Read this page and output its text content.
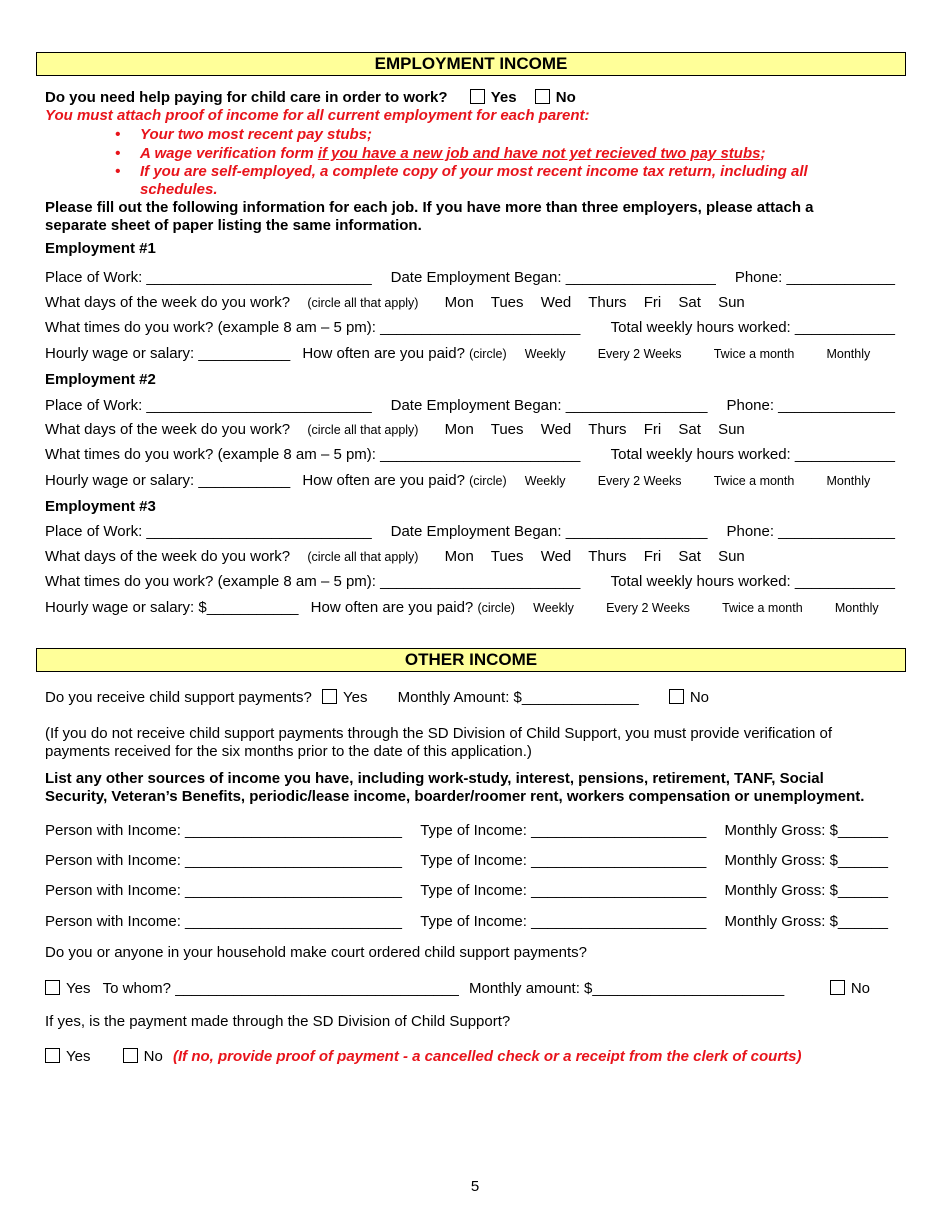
EMPLOYMENT INCOME
Do you need help paying for child care in order to work?	Yes	No
You must attach proof of income for all current employment for each parent:
• Your two most recent pay stubs;
• A wage verification form if you have a new job and have not yet recieved two pay stubs;
• If you are self-employed, a complete copy of your most recent income tax return, including all
schedules.
Please fill out the following information for each job. If you have more than three employers, please attach a
separate sheet of paper listing the same information.
Employment #1
Place of Work: ___________________________ Date Employment Began: __________________ Phone: _____________
What days of the week do you work? (circle all that apply) Mon Tues Wed Thurs Fri Sat Sun
What times do you work? (example 8 am – 5 pm): ________________________ Total weekly hours worked: ____________
Hourly wage or salary: ___________ How often are you paid? (circle) Weekly	Every 2 Weeks	Twice a month	Monthly
Employment #2
Place of Work: ___________________________ Date Employment Began: _________________ Phone: ______________
What days of the week do you work? (circle all that apply) Mon Tues Wed Thurs Fri Sat Sun
What times do you work? (example 8 am – 5 pm): ________________________ Total weekly hours worked: ____________
Hourly wage or salary: ___________ How often are you paid? (circle) Weekly	Every 2 Weeks	Twice a month	Monthly
Employment #3
Place of Work: ___________________________ Date Employment Began: _________________ Phone: ______________
What days of the week do you work? (circle all that apply) Mon Tues Wed Thurs Fri Sat Sun
What times do you work? (example 8 am – 5 pm): ________________________ Total weekly hours worked: ____________
Hourly wage or salary: $___________ How often are you paid? (circle) Weekly	Every 2 Weeks	Twice a month	Monthly
OTHER INCOME
Do you receive child support payments? Yes Monthly Amount: $______________	No
(If you do not receive child support payments through the SD Division of Child Support, you must provide verification of
payments received for the six months prior to the date of this application.)
List any other sources of income you have, including work-study, interest, pensions, retirement, TANF, Social
Security, Veteran’s Benefits, periodic/lease income, boarder/roomer rent, workers compensation or unemployment.
Person with Income: __________________________ Type of Income: _____________________ Monthly Gross: $______
Person with Income: __________________________ Type of Income: _____________________ Monthly Gross: $______
Person with Income: __________________________ Type of Income: _____________________ Monthly Gross: $______
Person with Income: __________________________ Type of Income: _____________________ Monthly Gross: $______
Do you or anyone in your household make court ordered child support payments?
Yes To whom? __________________________________ Monthly amount: $_______________________	No
If yes, is the payment made through the SD Division of Child Support?
Yes	No (If no, provide proof of payment - a cancelled check or a receipt from the clerk of courts)
5
